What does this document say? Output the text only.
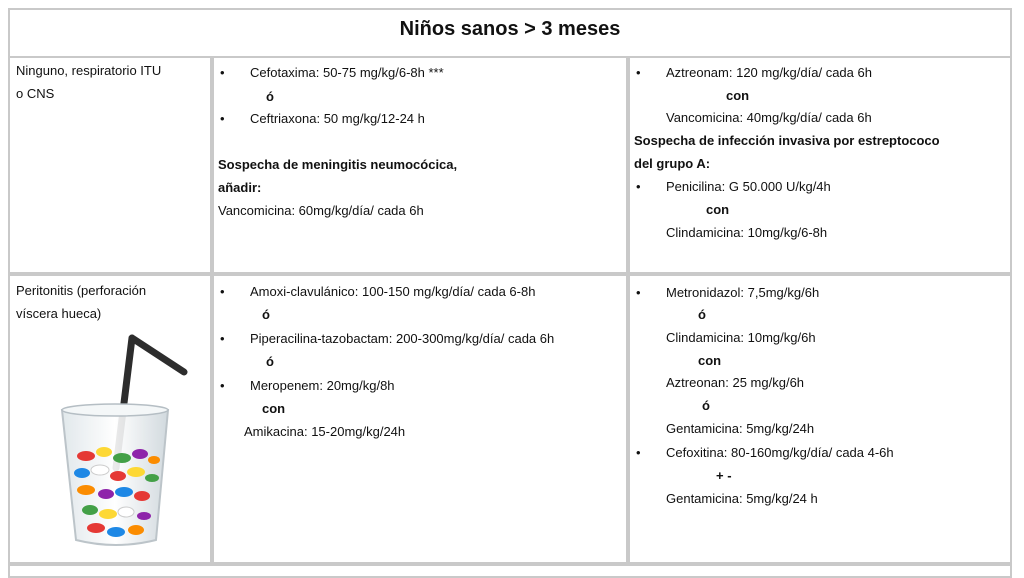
Niños sanos > 3 meses
Ninguno, respiratorio ITU
o CNS
• Cefotaxima: 50-75 mg/kg/6-8h ***
ó
• Ceftriaxona: 50 mg/kg/12-24 h
Sospecha de meningitis neumocócica,
añadir:
Vancomicina: 60mg/kg/día/ cada 6h
• Aztreonam: 120 mg/kg/día/ cada 6h
con
Vancomicina: 40mg/kg/día/ cada 6h
Sospecha de infección invasiva por estreptococo
del grupo A:
• Penicilina: G 50.000 U/kg/4h
con
Clindamicina: 10mg/kg/6-8h
Peritonitis (perforación
víscera hueca)
• Amoxi-clavulánico: 100-150 mg/kg/día/ cada 6-8h
ó
• Piperacilina-tazobactam: 200-300mg/kg/día/ cada 6h
ó
• Meropenem: 20mg/kg/8h
con
Amikacina: 15-20mg/kg/24h
• Metronidazol: 7,5mg/kg/6h
ó
Clindamicina: 10mg/kg/6h
con
Aztreonan: 25 mg/kg/6h
ó
Gentamicina: 5mg/kg/24h
• Cefoxitina: 80-160mg/kg/día/ cada 4-6h
+ -
Gentamicina: 5mg/kg/24 h
